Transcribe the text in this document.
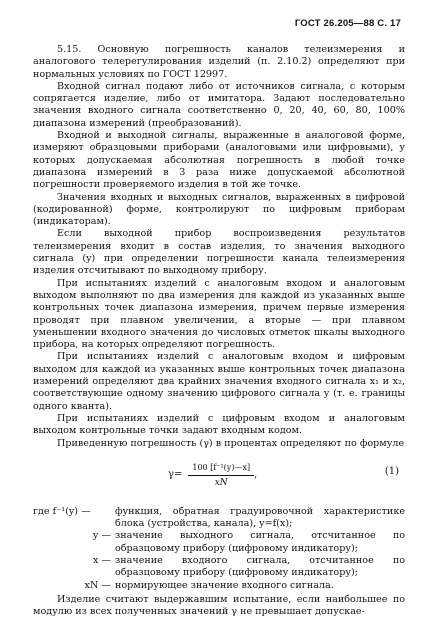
ГОСТ 26.205—88 С. 17

5.15. Основную погрешность каналов телеизмерения и аналогового телерегулирования изделий (п. 2.10.2) определяют при нормальных условиях по ГОСТ 12997.

Входной сигнал подают либо от источников сигнала, с которым сопрягается изделие, либо от имитатора. Задают последовательно значения входного сигнала соответственно 0, 20, 40, 60, 80, 100% диапазона измерений (преобразований).

Входной и выходной сигналы, выраженные в аналоговой форме, измеряют образцовыми приборами (аналоговыми или цифровыми), у которых допускаемая абсолютная погрешность в любой точке диапазона измерений в 3 раза ниже допускаемой абсолютной погрешности проверяемого изделия в той же точке.

Значения входных и выходных сигналов, выраженных в цифровой (кодированной) форме, контролируют по цифровым приборам (индикаторам).

Если выходной прибор воспроизведения результатов телеизмерения входит в состав изделия, то значения выходного сигнала (y) при определении погрешности канала телеизмерения изделия отсчитывают по выходному прибору.

При испытаниях изделий с аналоговым входом и аналоговым выходом выполняют по два измерения для каждой из указанных выше контрольных точек диапазона измерения, причем первые измерения проводят при плавном увеличении, а вторые — при плавном уменьшении входного значения до числовых отметок шкалы выходного прибора, на которых определяют погрешность.

При испытаниях изделий с аналоговым входом и цифровым выходом для каждой из указанных выше контрольных точек диапазона измерений определяют два крайних значения входного сигнала x₁ и x₂, соответствующие одному значению цифрового сигнала y (т. е. границы одного кванта).

При испытаниях изделий с цифровым входом и аналоговым выходом контрольные точки задают входным кодом.

Приведенную погрешность (γ) в процентах определяют по формуле

$\gamma= \frac{\text{100 [f⁻¹(y)—x]}}{xN}$ ,	(1)
где f⁻¹(y) —	функция, обратная градуировочной характеристике блока (устройства, канала), y=f(x);
y — значение выходного сигнала, отсчитанное по образцовому прибору (цифровому индикатору);
x — значение входного сигнала, отсчитанное по образцовому прибору (цифровому индикатору);
xN — нормирующее значение входного сигнала.

Изделие считают выдержавшим испытание, если наибольшее по модулю из всех полученных значений γ не превышает допускае-
